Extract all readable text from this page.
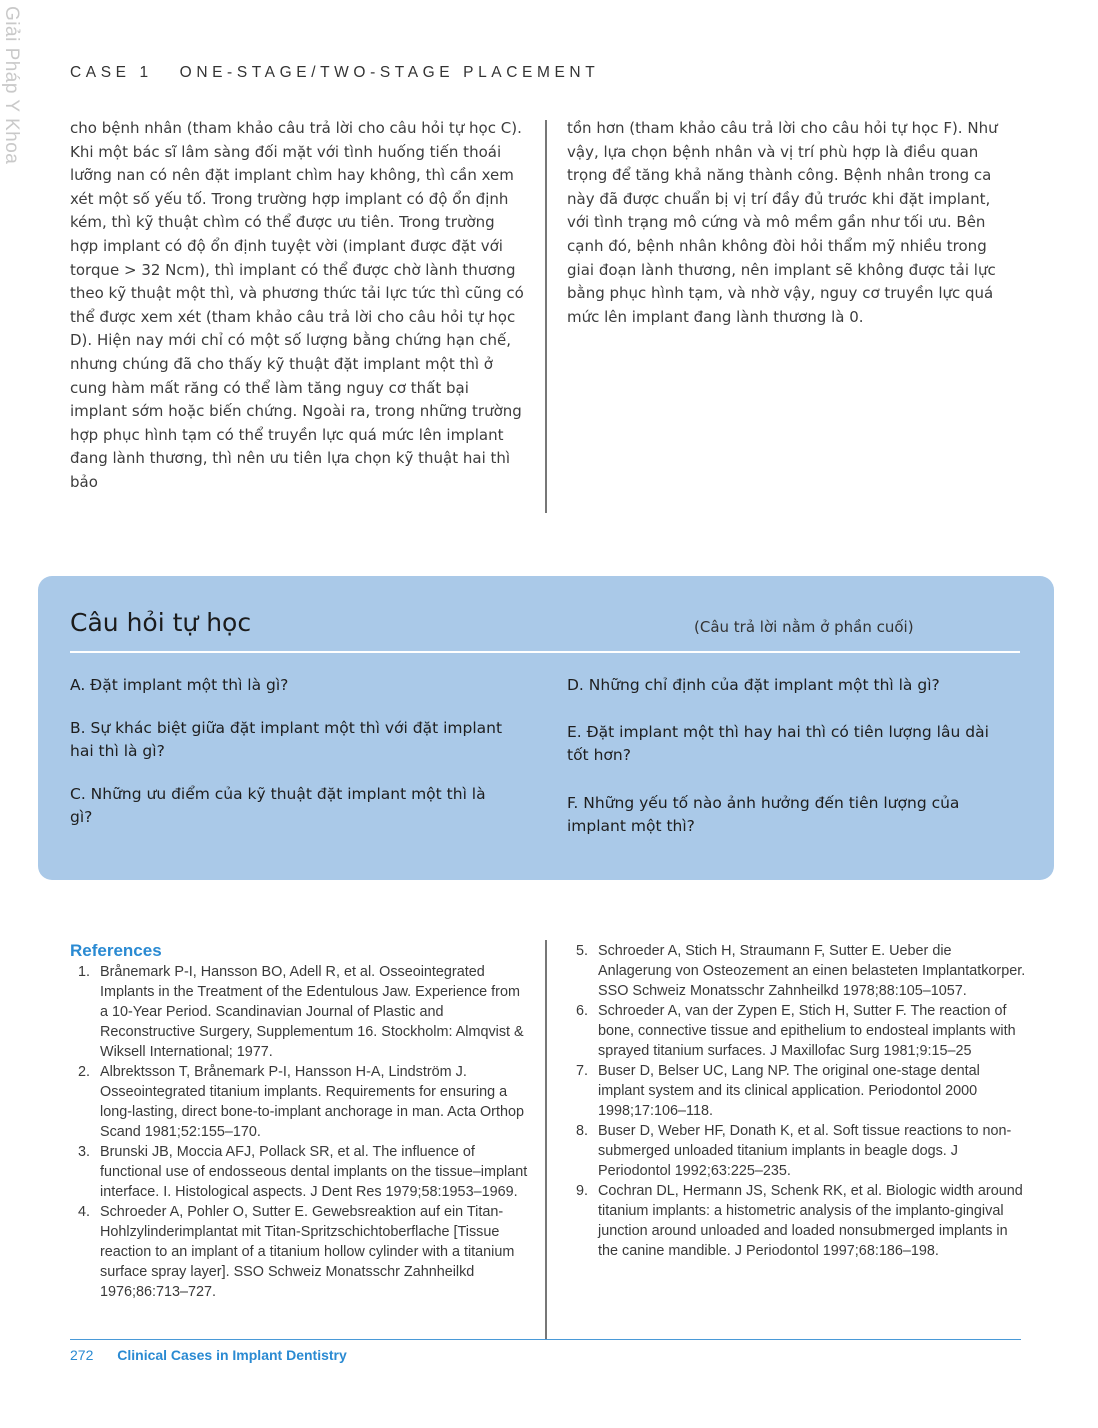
Giải Pháp Y Khoa	CASE 1 ONE-STAGE/TWO-STAGE PLACEMENT

cho bệnh nhân (tham khảo câu trả lời cho câu hỏi tự học C). Khi một bác sĩ lâm sàng đối mặt với tình huống tiến thoái lưỡng nan có nên đặt implant chìm hay không, thì cần xem xét một số yếu tố. Trong trường hợp implant có độ ổn định kém, thì kỹ thuật chìm có thể được ưu tiên. Trong trường hợp implant có độ ổn định tuyệt vời (implant được đặt với torque > 32 Ncm), thì implant có thể được chờ lành thương theo kỹ thuật một thì, và phương thức tải lực tức thì cũng có thể được xem xét (tham khảo câu trả lời cho câu hỏi tự học D). Hiện nay mới chỉ có một số lượng bằng chứng hạn chế, nhưng chúng đã cho thấy kỹ thuật đặt implant một thì ở cung hàm mất răng có thể làm tăng nguy cơ thất bại implant sớm hoặc biến chứng. Ngoài ra, trong những trường hợp phục hình tạm có thể truyền lực quá mức lên implant đang lành thương, thì nên ưu tiên lựa chọn kỹ thuật hai thì bảo

tồn hơn (tham khảo câu trả lời cho câu hỏi tự học F). Như vậy, lựa chọn bệnh nhân và vị trí phù hợp là điều quan trọng để tăng khả năng thành công. Bệnh nhân trong ca này đã được chuẩn bị vị trí đầy đủ trước khi đặt implant, với tình trạng mô cứng và mô mềm gần như tối ưu. Bên cạnh đó, bệnh nhân không đòi hỏi thẩm mỹ nhiều trong giai đoạn lành thương, nên implant sẽ không được tải lực bằng phục hình tạm, và nhờ vậy, nguy cơ truyền lực quá mức lên implant đang lành thương là 0.

Câu hỏi tự học	(Câu trả lời nằm ở phần cuối)
A. Đặt implant một thì là gì?
B. Sự khác biệt giữa đặt implant một thì với đặt implant hai thì là gì?
C. Những ưu điểm của kỹ thuật đặt implant một thì là gì?
D. Những chỉ định của đặt implant một thì là gì?
E. Đặt implant một thì hay hai thì có tiên lượng lâu dài tốt hơn?
F. Những yếu tố nào ảnh hưởng đến tiên lượng của implant một thì?
References
1. Brånemark P-I, Hansson BO, Adell R, et al. Osseointegrated Implants in the Treatment of the Edentulous Jaw. Experience from a 10-Year Period. Scandinavian Journal of Plastic and Reconstructive Surgery, Supplementum 16. Stockholm: Almqvist & Wiksell International; 1977.
2. Albrektsson T, Brånemark P-I, Hansson H-A, Lindström J. Osseointegrated titanium implants. Requirements for ensuring a long-lasting, direct bone-to-implant anchorage in man. Acta Orthop Scand 1981;52:155–170.
3. Brunski JB, Moccia AFJ, Pollack SR, et al. The influence of functional use of endosseous dental implants on the tissue–implant interface. I. Histological aspects. J Dent Res 1979;58:1953–1969.
4. Schroeder A, Pohler O, Sutter E. Gewebsreaktion auf ein Titan-Hohlzylinderimplantat mit Titan-Spritzschichtoberflache [Tissue reaction to an implant of a titanium hollow cylinder with a titanium surface spray layer]. SSO Schweiz Monatsschr Zahnheilkd 1976;86:713–727.
5. Schroeder A, Stich H, Straumann F, Sutter E. Ueber die Anlagerung von Osteozement an einen belasteten Implantatkorper. SSO Schweiz Monatsschr Zahnheilkd 1978;88:105–1057.
6. Schroeder A, van der Zypen E, Stich H, Sutter F. The reaction of bone, connective tissue and epithelium to endosteal implants with sprayed titanium surfaces. J Maxillofac Surg 1981;9:15–25
7. Buser D, Belser UC, Lang NP. The original one-stage dental implant system and its clinical application. Periodontol 2000 1998;17:106–118.
8. Buser D, Weber HF, Donath K, et al. Soft tissue reactions to non-submerged unloaded titanium implants in beagle dogs. J Periodontol 1992;63:225–235.
9. Cochran DL, Hermann JS, Schenk RK, et al. Biologic width around titanium implants: a histometric analysis of the implanto-gingival junction around unloaded and loaded nonsubmerged implants in the canine mandible. J Periodontol 1997;68:186–198.
272 Clinical Cases in Implant Dentistry
